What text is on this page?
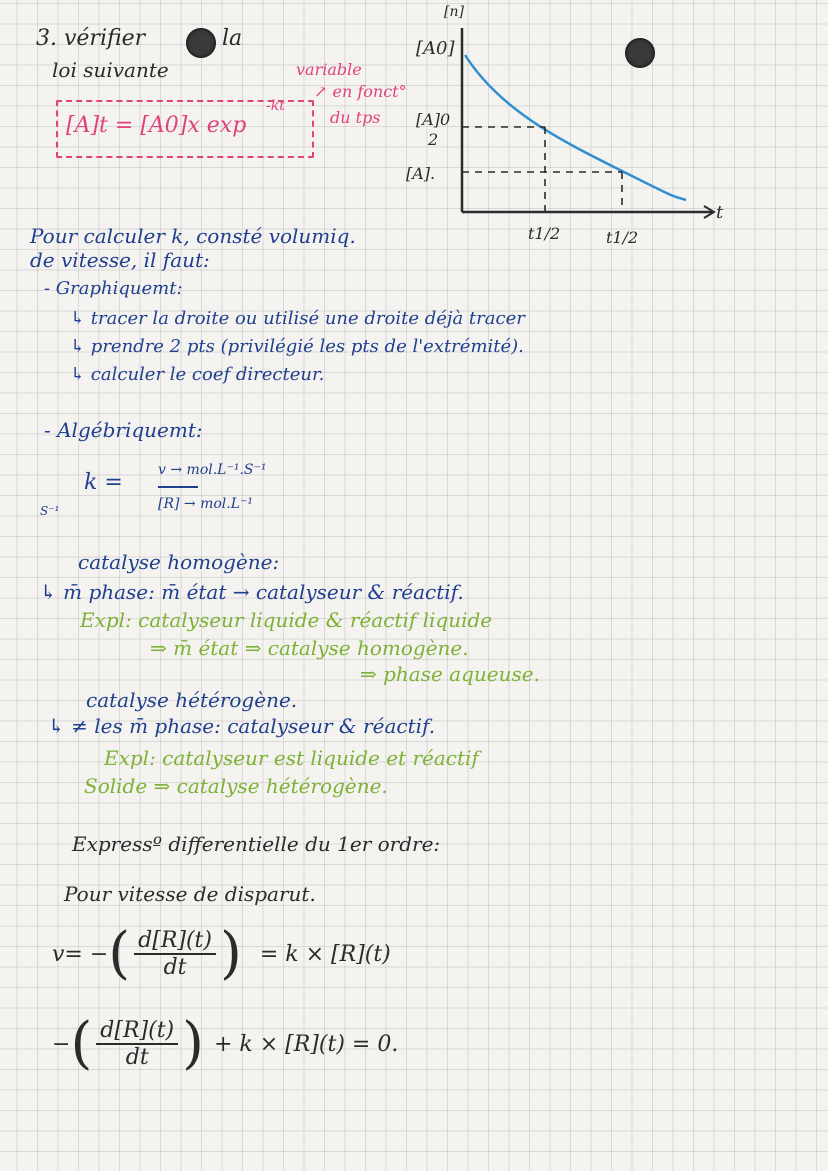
3. vérifier	la
loi suivante
[A]t = [A0]x exp
-kt
variable
↗ en fonct°
du tps
[n]
[A0]
[A]0
2
[A].
t
t1/2	t1/2
Pour calculer k, consté volumiq.
de vitesse, il faut:
- Graphiquemt:
↳ tracer la droite ou utilisé une droite déjà tracer
↳ prendre 2 pts (privilégié les pts de l'extrémité).
↳ calculer le coef directeur.
- Algébriquemt:
k =	v → mol.L⁻¹.S⁻¹
[R] → mol.L⁻¹
S⁻¹
catalyse homogène:
↳ m̄ phase: m̄ état → catalyseur & réactif.
Expl: catalyseur liquide & réactif liquide
⇒ m̄ état ⇒ catalyse homogène.
⇒ phase aqueuse.
catalyse hétérogène.
↳ ≠ les m̄ phase: catalyseur & réactif.
Expl: catalyseur est liquide et réactif
Solide ⇒ catalyse hétérogène.
Expressº differentielle du 1er ordre:
Pour vitesse de disparut.
v= − ( $\frac{d[R](t)}{dt}$ ) = k × [R](t)
− ( $\frac{d[R](t)}{dt}$ ) + k × [R](t) = 0.
